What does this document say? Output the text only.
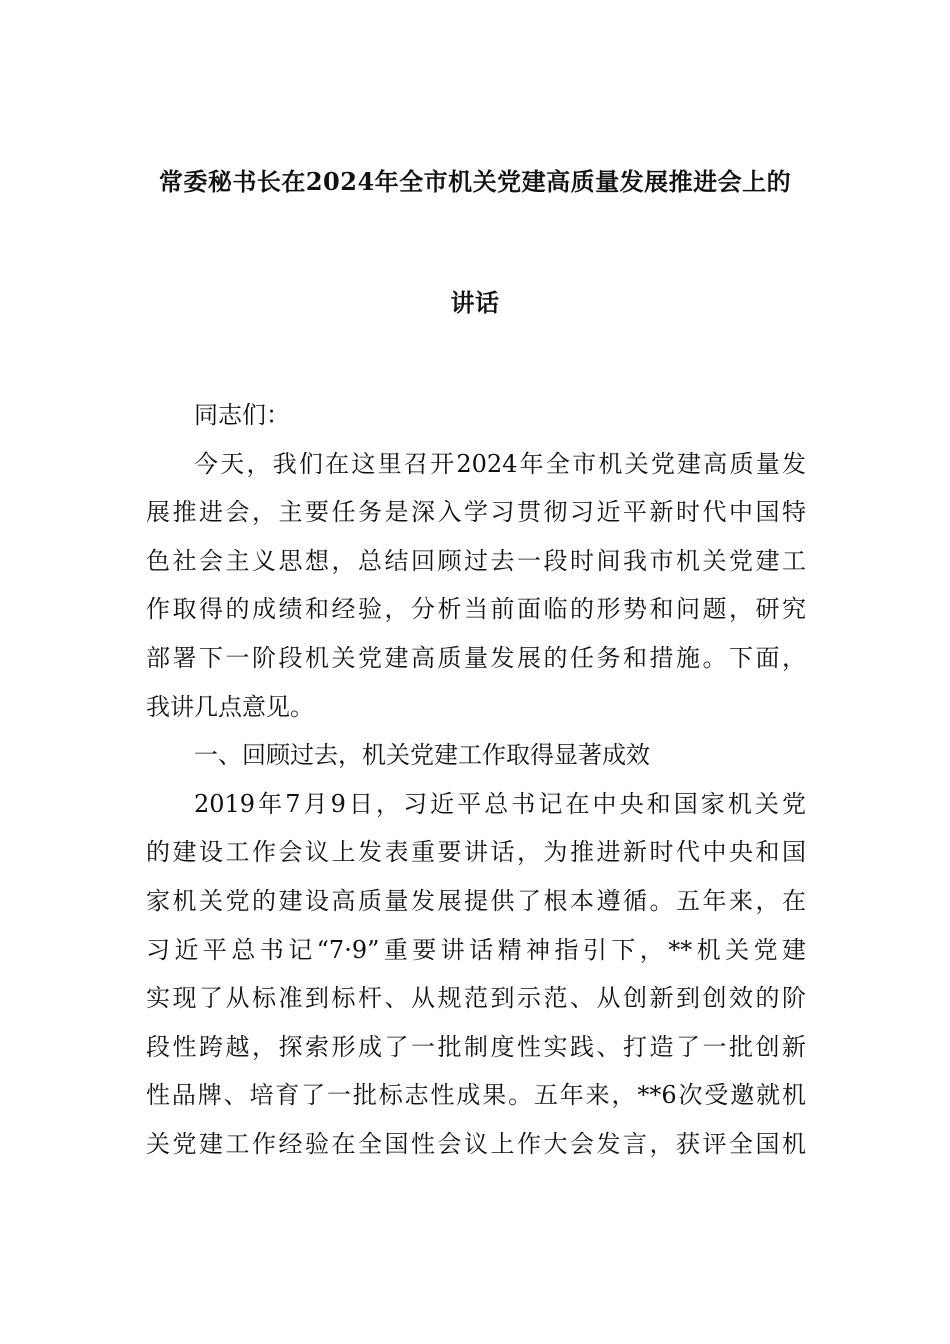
常委秘书长在2024年全市机关党建高质量发展推进会上的
讲话
同志们：
今天，我们在这里召开2024年全市机关党建高质量发
展推进会，主要任务是深入学习贯彻习近平新时代中国特
色社会主义思想，总结回顾过去一段时间我市机关党建工
作取得的成绩和经验，分析当前面临的形势和问题，研究
部署下一阶段机关党建高质量发展的任务和措施。下面，
我讲几点意见。
一、回顾过去，机关党建工作取得显著成效
2019年7月9日，习近平总书记在中央和国家机关党
的建设工作会议上发表重要讲话，为推进新时代中央和国
家机关党的建设高质量发展提供了根本遵循。五年来，在
习近平总书记“7·9”重要讲话精神指引下，**机关党建
实现了从标准到标杆、从规范到示范、从创新到创效的阶
段性跨越，探索形成了一批制度性实践、打造了一批创新
性品牌、培育了一批标志性成果。五年来，**6次受邀就机
关党建工作经验在全国性会议上作大会发言，获评全国机
